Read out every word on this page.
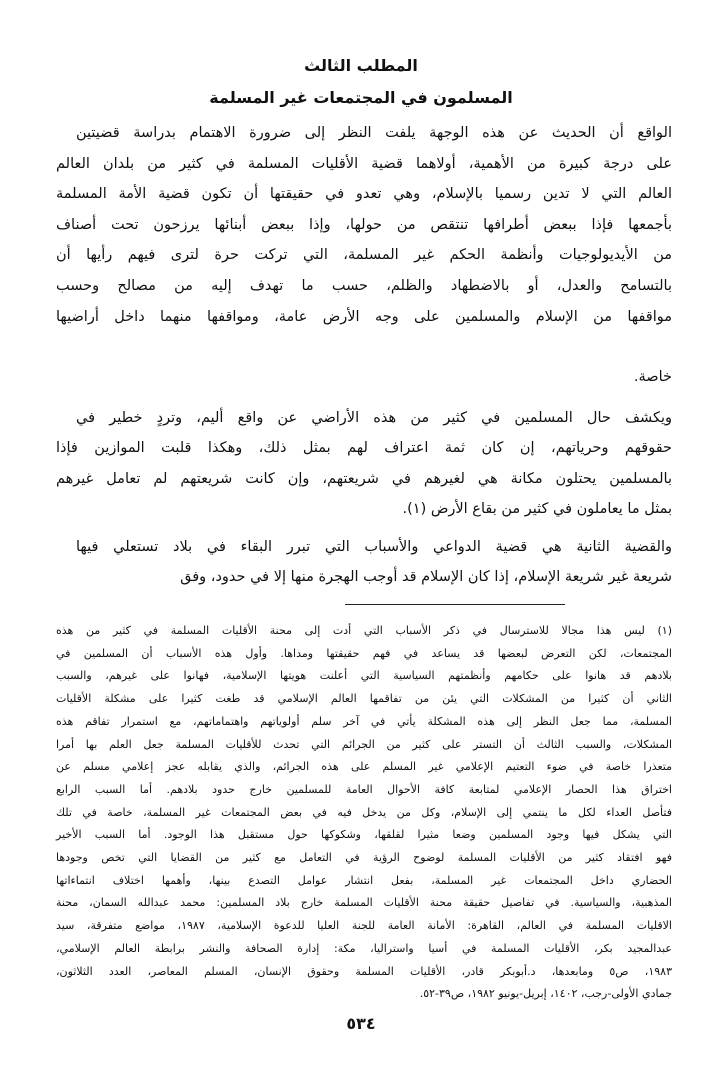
المطلب الثالث
المسلمون في المجتمعات غير المسلمة
الواقع أن الحديث عن هذه الوجهة يلفت النظر إلى ضرورة الاهتمام بدراسة قضيتين
على درجة كبيرة من الأهمية، أولاهما قضية الأقليات المسلمة في كثير من بلدان العالم
العالم التي لا تدين رسميا بالإسلام، وهي تعدو في حقيقتها أن تكون قضية الأمة المسلمة
بأجمعها فإذا ببعض أطرافها تنتقص من حولها، وإذا ببعض أبنائها يرزحون تحت أصناف
من الأيديولوجيات وأنظمة الحكم غير المسلمة، التي تركت حرة لترى فيهم رأيها أن
بالتسامح والعدل، أو بالاضطهاد والظلم، حسب ما تهدف إليه من مصالح وحسب
مواقفها من الإسلام والمسلمين على وجه الأرض عامة، ومواقفها منهما داخل أراضيها
خاصة.
ويكشف حال المسلمين في كثير من هذه الأراضي عن واقع أليم، وتردٍ خطير في
حقوقهم وحرياتهم، إن كان ثمة اعتراف لهم بمثل ذلك، وهكذا قلبت الموازين فإذا
بالمسلمين يحتلون مكانة هي لغيرهم في شريعتهم، وإن كانت شريعتهم لم تعامل غيرهم
بمثل ما يعاملون في كثير من بقاع الأرض (١).
والقضية الثانية هي قضية الدواعي والأسباب التي تبرر البقاء في بلاد تستعلي فيها
شريعة غير شريعة الإسلام، إذا كان الإسلام قد أوجب الهجرة منها إلا في حدود، وفق
(١) ليس هذا مجالا للاسترسال في ذكر الأسباب التي أدت إلى محنة الأقليات المسلمة في كثير من هذه
المجتمعات، لكن التعرض لبعضها قد يساعد في فهم حقيقتها ومداها. وأول هذه الأسباب أن المسلمين في
بلادهم قد هانوا على حكامهم وأنظمتهم السياسية التي أعلنت هويتها الإسلامية، فهانوا على غيرهم، والسبب
الثاني أن كثيرا من المشكلات التي يئن من تفاقمها العالم الإسلامي قد طغت كثيرا على مشكلة الأقليات
المسلمة، مما جعل النظر إلى هذه المشكلة يأتي في آخر سلم أولوياتهم واهتماماتهم، مع استمرار تفاقم هذه
المشكلات، والسبب الثالث أن التستر على كثير من الجرائم التي تحدث للأقليات المسلمة جعل العلم بها أمرا
متعذرا خاصة في ضوء التعتيم الإعلامي غير المسلم على هذه الجرائم، والذي يقابله عجز إعلامي مسلم عن
اختراق هذا الحصار الإعلامي لمتابعة كافة الأحوال العامة للمسلمين خارج حدود بلادهم. أما السبب الرابع
فتأصل العداء لكل ما ينتمي إلى الإسلام، وكل من يدخل فيه في بعض المجتمعات غير المسلمة، خاصة في تلك
التي يشكل فيها وجود المسلمين وضعا مثيرا لقلقها، وشكوكها حول مستقبل هذا الوجود. أما السبب الأخير
فهو افتقاد كثير من الأقليات المسلمة لوضوح الرؤية في التعامل مع كثير من القضايا التي تخص وجودها
الحضاري داخل المجتمعات غير المسلمة، بفعل انتشار عوامل التصدع بينها، وأهمها اختلاف انتماءاتها
المذهبية، والسياسية. في تفاصيل حقيقة محنة الأقليات المسلمة خارج بلاد المسلمين: محمد عبدالله السمان، محنة
الاقليات المسلمة في العالم، القاهرة: الأمانة العامة للجنة العليا للدعوة الإسلامية، ١٩٨٧، مواضع متفرقة، سيد
عبدالمجيد بكر، الأقليات المسلمة في أسيا واستراليا، مكة: إدارة الصحافة والنشر برابطة العالم الإسلامي،
١٩٨٣، ص٥ ومابعدها، د.أبوبكر قادر، الأقليات المسلمة وحقوق الإنسان، المسلم المعاصر، العدد الثلاثون،
جمادي الأولى-رجب، ١٤٠٢، إبريل-يونيو ١٩٨٢، ص٣٩-٥٢.
٥٣٤
